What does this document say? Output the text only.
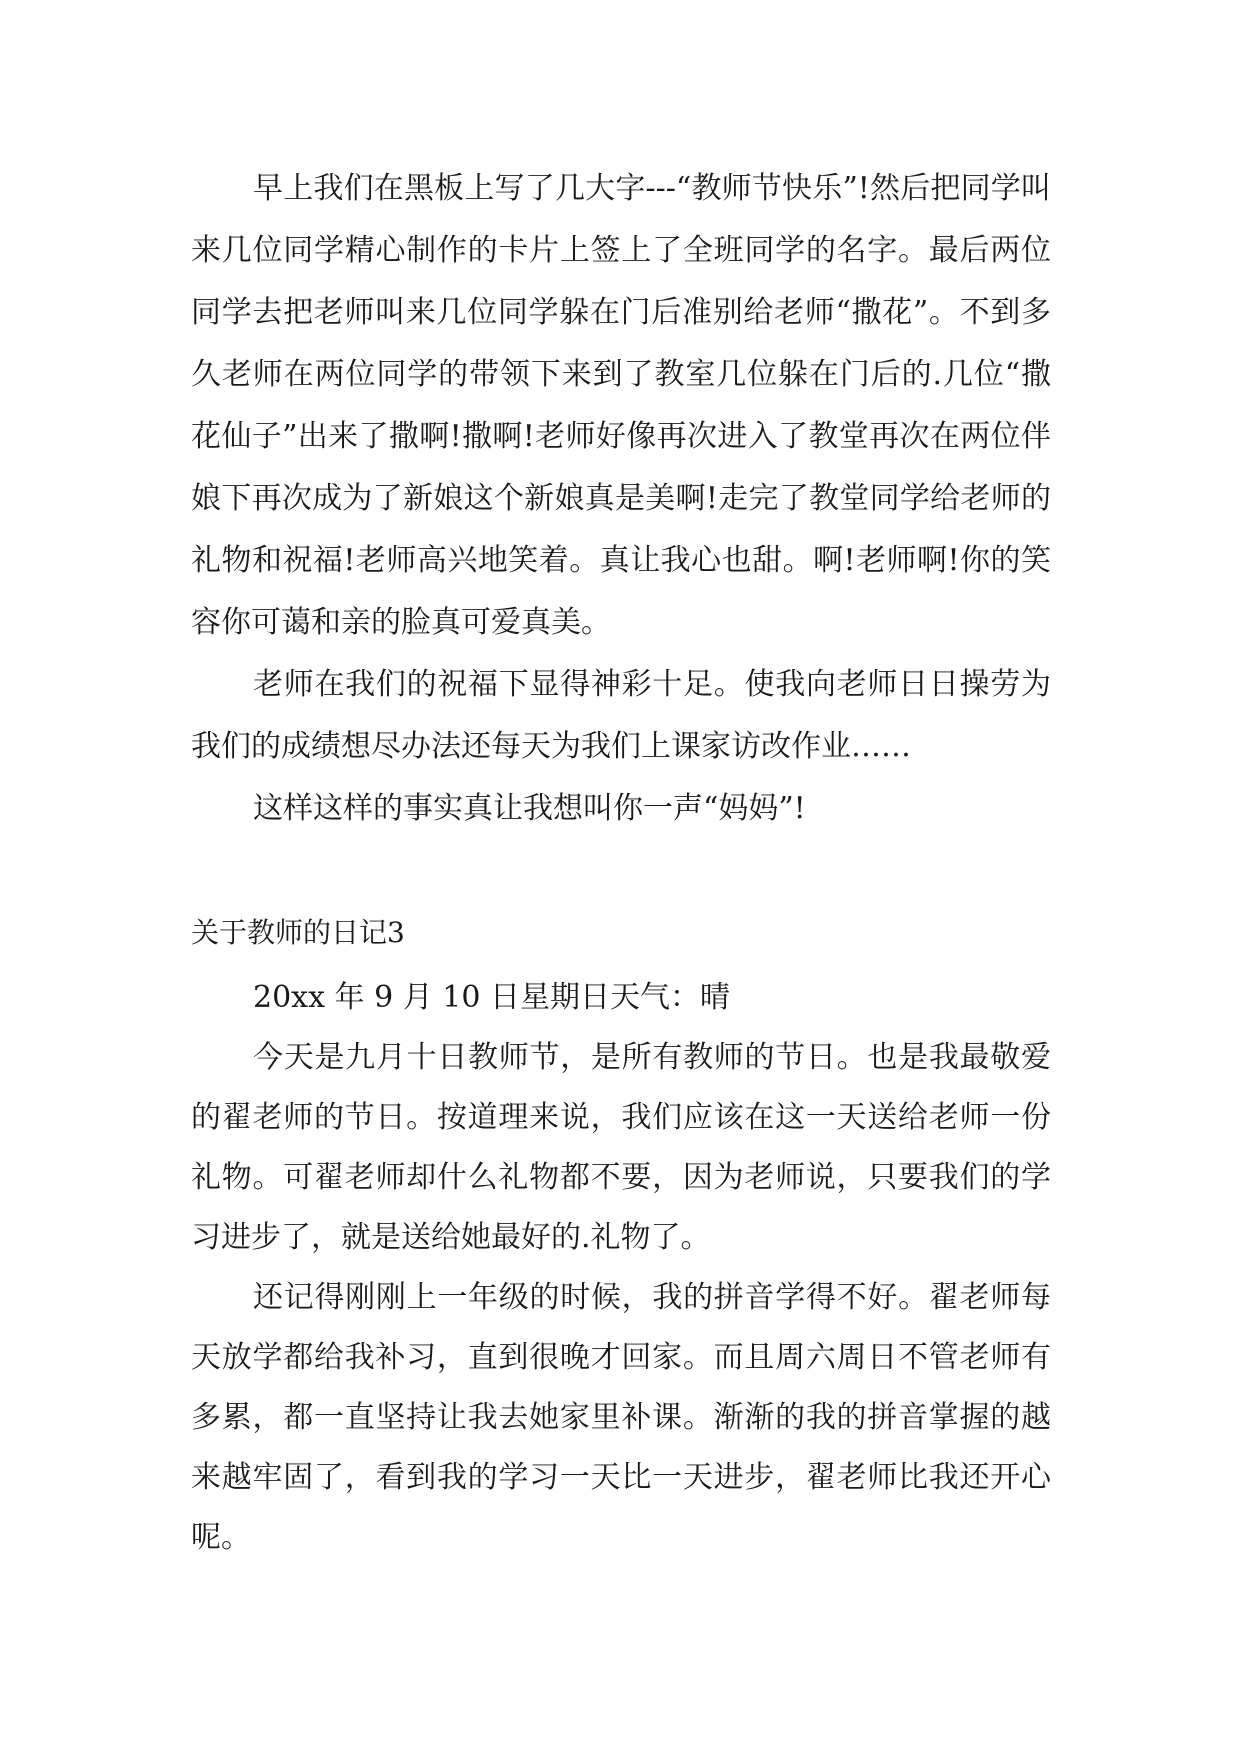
早上我们在黑板上写了几大字---“教师节快乐”!然后把同学叫来几位同学精心制作的卡片上签上了全班同学的名字。最后两位同学去把老师叫来几位同学躲在门后准别给老师“撒花”。不到多久老师在两位同学的带领下来到了教室几位躲在门后的.几位“撒花仙子”出来了撒啊!撒啊!老师好像再次进入了教堂再次在两位伴娘下再次成为了新娘这个新娘真是美啊!走完了教堂同学给老师的礼物和祝福!老师高兴地笑着。真让我心也甜。啊!老师啊!你的笑容你可蔼和亲的脸真可爱真美。

老师在我们的祝福下显得神彩十足。使我向老师日日操劳为我们的成绩想尽办法还每天为我们上课家访改作业……

这样这样的事实真让我想叫你一声“妈妈”!

关于教师的日记3

20xx 年 9 月 10 日星期日天气：晴

今天是九月十日教师节，是所有教师的节日。也是我最敬爱的翟老师的节日。按道理来说，我们应该在这一天送给老师一份礼物。可翟老师却什么礼物都不要，因为老师说，只要我们的学习进步了，就是送给她最好的.礼物了。

还记得刚刚上一年级的时候，我的拼音学得不好。翟老师每天放学都给我补习，直到很晚才回家。而且周六周日不管老师有多累，都一直坚持让我去她家里补课。渐渐的我的拼音掌握的越来越牢固了，看到我的学习一天比一天进步，翟老师比我还开心呢。
